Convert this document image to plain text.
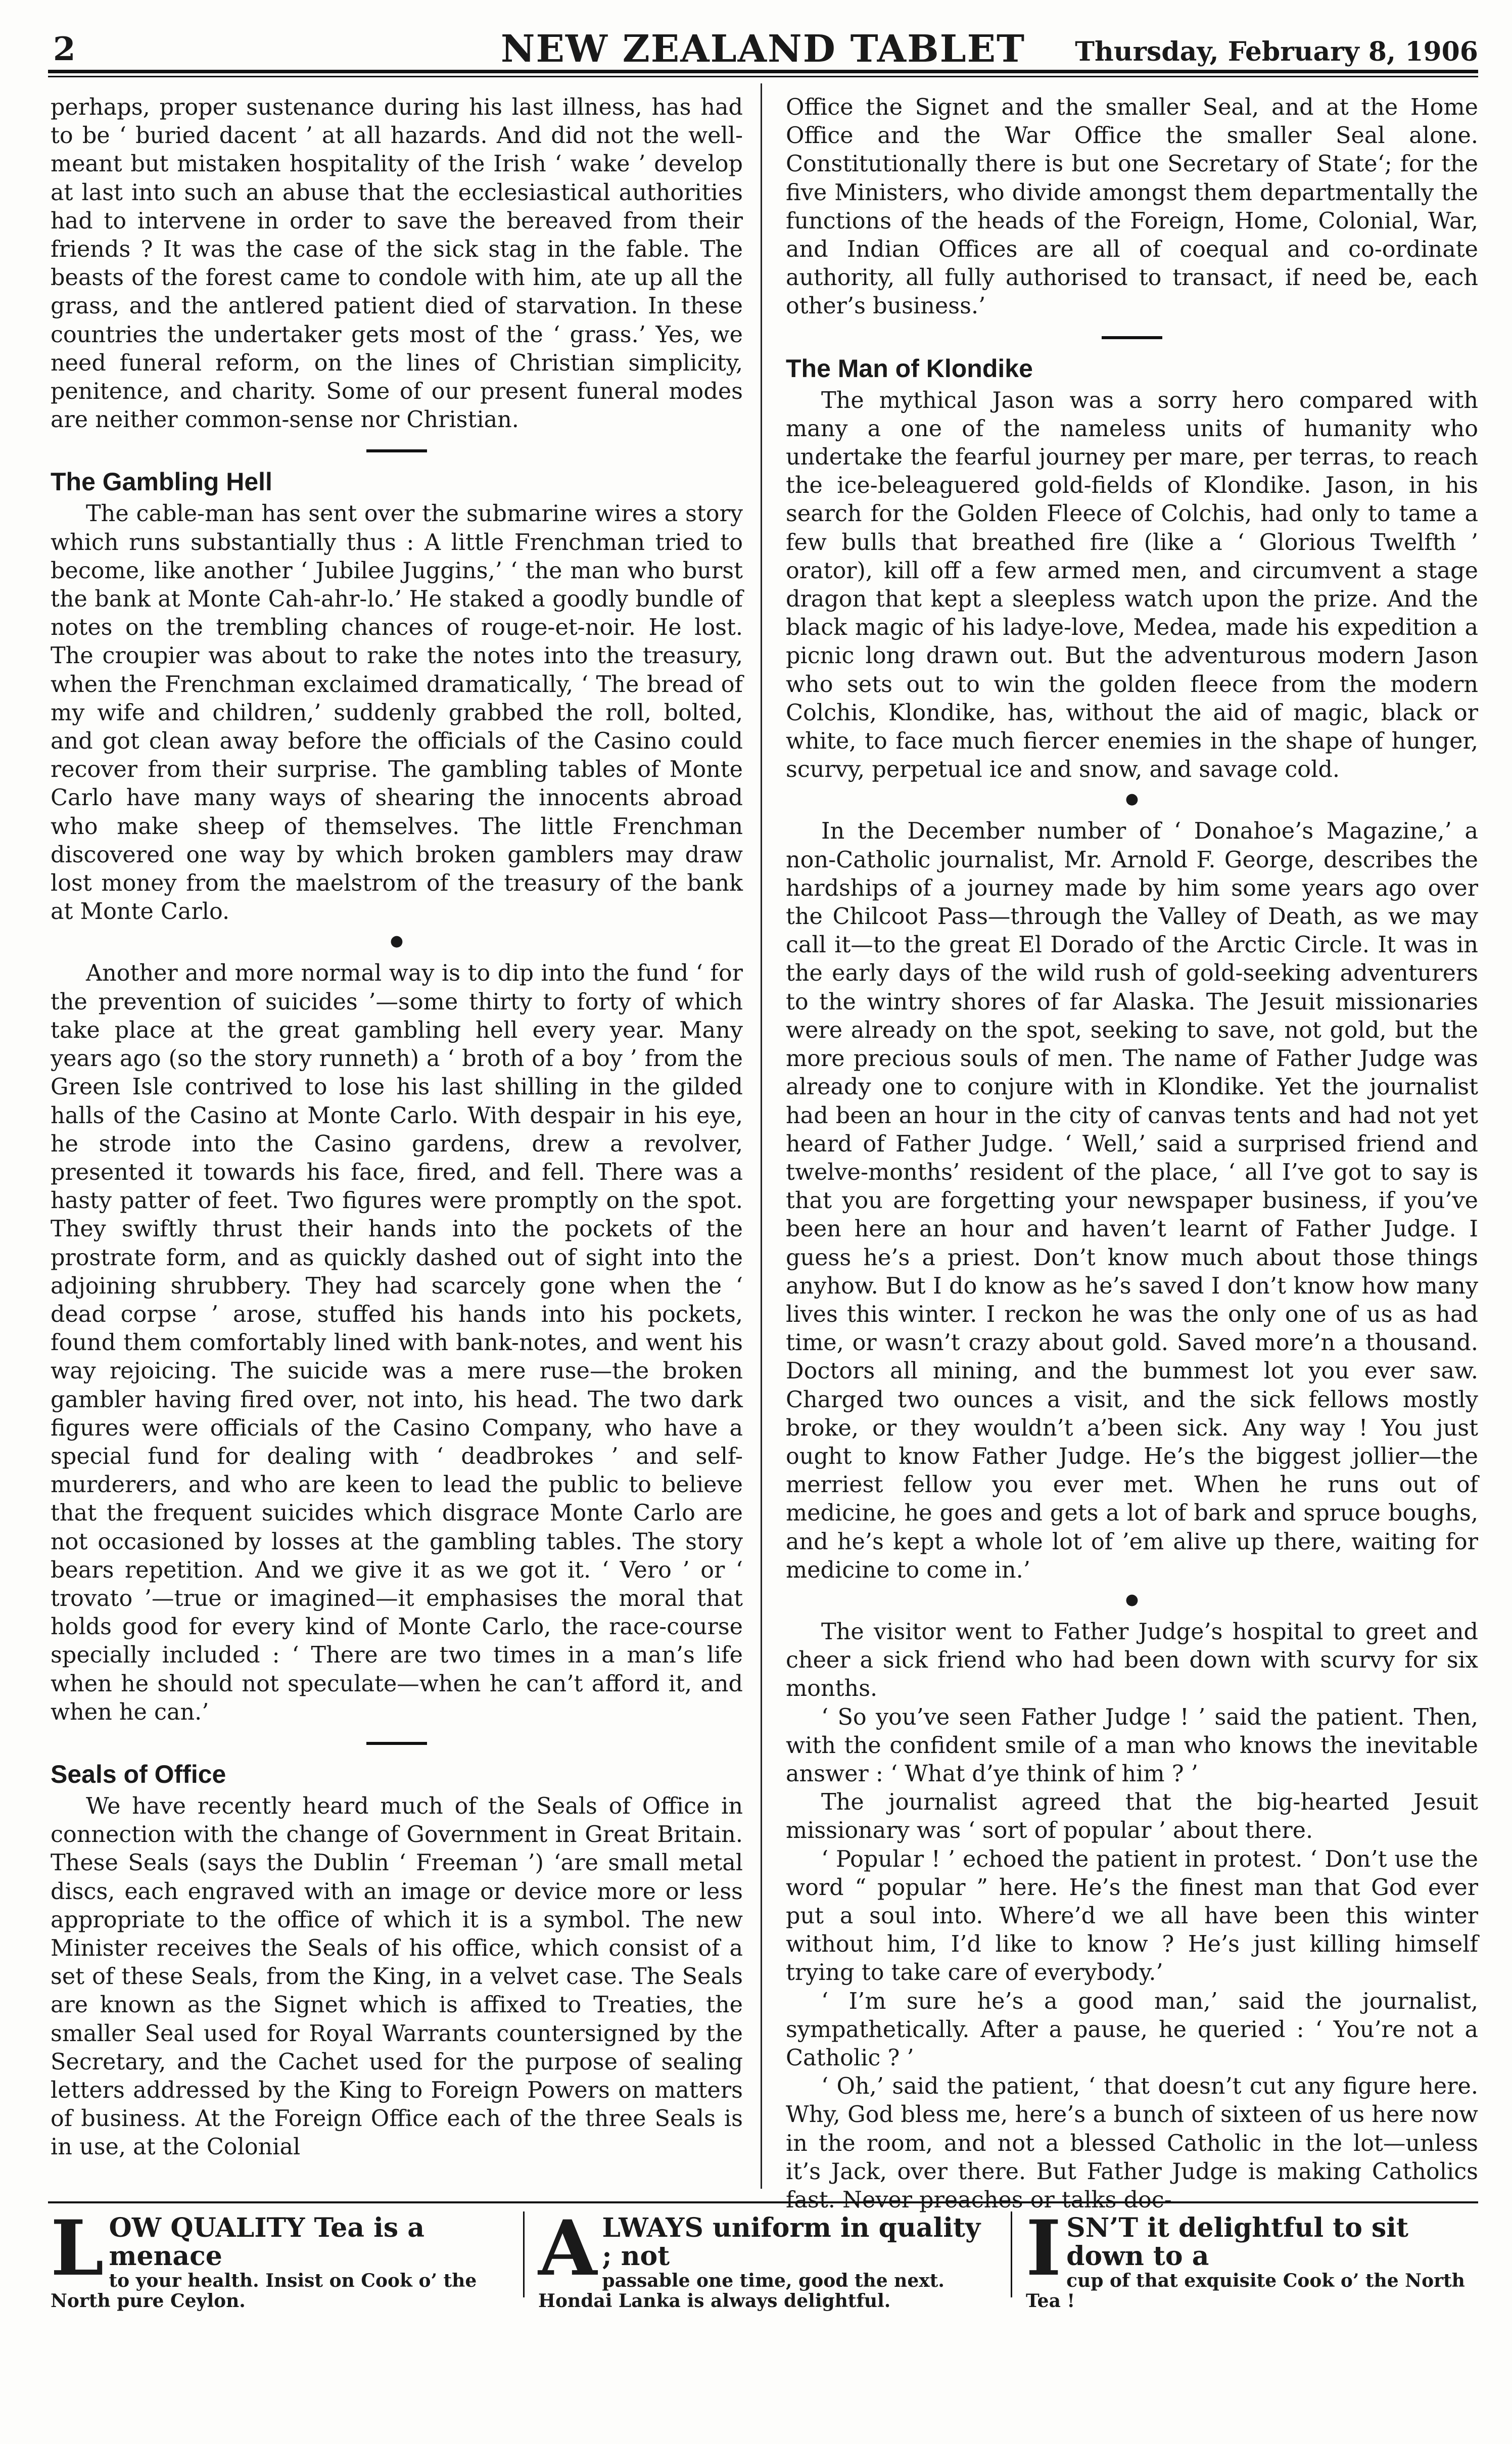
2	NEW ZEALAND TABLET	Thursday, February 8, 1906

perhaps, proper sustenance during his last illness, has had to be ‘ buried dacent ’ at all hazards. And did not the well-meant but mistaken hospitality of the Irish ‘ wake ’ develop at last into such an abuse that the ecclesiastical authorities had to intervene in order to save the bereaved from their friends ? It was the case of the sick stag in the fable. The beasts of the forest came to condole with him, ate up all the grass, and the antlered patient died of starvation. In these countries the undertaker gets most of the ‘ grass.’ Yes, we need funeral reform, on the lines of Christian simplicity, penitence, and charity. Some of our present funeral modes are neither common-sense nor Christian.

The Gambling Hell

The cable-man has sent over the submarine wires a story which runs substantially thus : A little Frenchman tried to become, like another ‘ Jubilee Juggins,’ ‘ the man who burst the bank at Monte Cah-ahr-lo.’ He staked a goodly bundle of notes on the trembling chances of rouge-et-noir. He lost. The croupier was about to rake the notes into the treasury, when the Frenchman exclaimed dramatically, ‘ The bread of my wife and children,’ suddenly grabbed the roll, bolted, and got clean away before the officials of the Casino could recover from their surprise. The gambling tables of Monte Carlo have many ways of shearing the innocents abroad who make sheep of themselves. The little Frenchman discovered one way by which broken gamblers may draw lost money from the maelstrom of the treasury of the bank at Monte Carlo.

●

Another and more normal way is to dip into the fund ‘ for the prevention of suicides ’—some thirty to forty of which take place at the great gambling hell every year. Many years ago (so the story runneth) a ‘ broth of a boy ’ from the Green Isle contrived to lose his last shilling in the gilded halls of the Casino at Monte Carlo. With despair in his eye, he strode into the Casino gardens, drew a revolver, presented it towards his face, fired, and fell. There was a hasty patter of feet. Two figures were promptly on the spot. They swiftly thrust their hands into the pockets of the prostrate form, and as quickly dashed out of sight into the adjoining shrubbery. They had scarcely gone when the ‘ dead corpse ’ arose, stuffed his hands into his pockets, found them comfortably lined with bank-notes, and went his way rejoicing. The suicide was a mere ruse—the broken gambler having fired over, not into, his head. The two dark figures were officials of the Casino Company, who have a special fund for dealing with ‘ deadbrokes ’ and self-murderers, and who are keen to lead the public to believe that the frequent suicides which disgrace Monte Carlo are not occasioned by losses at the gambling tables. The story bears repetition. And we give it as we got it. ‘ Vero ’ or ‘ trovato ’—true or imagined—it emphasises the moral that holds good for every kind of Monte Carlo, the race-course specially included : ‘ There are two times in a man’s life when he should not speculate—when he can’t afford it, and when he can.’

Seals of Office

We have recently heard much of the Seals of Office in connection with the change of Government in Great Britain. These Seals (says the Dublin ‘ Freeman ’) ‘are small metal discs, each engraved with an image or device more or less appropriate to the office of which it is a symbol. The new Minister receives the Seals of his office, which consist of a set of these Seals, from the King, in a velvet case. The Seals are known as the Signet which is affixed to Treaties, the smaller Seal used for Royal Warrants countersigned by the Secretary, and the Cachet used for the purpose of sealing letters addressed by the King to Foreign Powers on matters of business. At the Foreign Office each of the three Seals is in use, at the Colonial

Office the Signet and the smaller Seal, and at the Home Office and the War Office the smaller Seal alone. Constitutionally there is but one Secretary of State‘; for the five Ministers, who divide amongst them departmentally the functions of the heads of the Foreign, Home, Colonial, War, and Indian Offices are all of coequal and co-ordinate authority, all fully authorised to transact, if need be, each other’s business.’

The Man of Klondike

The mythical Jason was a sorry hero compared with many a one of the nameless units of humanity who undertake the fearful journey per mare, per terras, to reach the ice-beleaguered gold-fields of Klondike. Jason, in his search for the Golden Fleece of Colchis, had only to tame a few bulls that breathed fire (like a ‘ Glorious Twelfth ’ orator), kill off a few armed men, and circumvent a stage dragon that kept a sleepless watch upon the prize. And the black magic of his ladye-love, Medea, made his expedition a picnic long drawn out. But the adventurous modern Jason who sets out to win the golden fleece from the modern Colchis, Klondike, has, without the aid of magic, black or white, to face much fiercer enemies in the shape of hunger, scurvy, perpetual ice and snow, and savage cold.

●

In the December number of ‘ Donahoe’s Magazine,’ a non-Catholic journalist, Mr. Arnold F. George, describes the hardships of a journey made by him some years ago over the Chilcoot Pass—through the Valley of Death, as we may call it—to the great El Dorado of the Arctic Circle. It was in the early days of the wild rush of gold-seeking adventurers to the wintry shores of far Alaska. The Jesuit missionaries were already on the spot, seeking to save, not gold, but the more precious souls of men. The name of Father Judge was already one to conjure with in Klondike. Yet the journalist had been an hour in the city of canvas tents and had not yet heard of Father Judge. ‘ Well,’ said a surprised friend and twelve-months’ resident of the place, ‘ all I’ve got to say is that you are forgetting your newspaper business, if you’ve been here an hour and haven’t learnt of Father Judge. I guess he’s a priest. Don’t know much about those things anyhow. But I do know as he’s saved I don’t know how many lives this winter. I reckon he was the only one of us as had time, or wasn’t crazy about gold. Saved more’n a thousand. Doctors all mining, and the bummest lot you ever saw. Charged two ounces a visit, and the sick fellows mostly broke, or they wouldn’t a’been sick. Any way ! You just ought to know Father Judge. He’s the biggest jollier—the merriest fellow you ever met. When he runs out of medicine, he goes and gets a lot of bark and spruce boughs, and he’s kept a whole lot of ’em alive up there, waiting for medicine to come in.’

●

The visitor went to Father Judge’s hospital to greet and cheer a sick friend who had been down with scurvy for six months.

‘ So you’ve seen Father Judge ! ’ said the patient. Then, with the confident smile of a man who knows the inevitable answer : ‘ What d’ye think of him ? ’

The journalist agreed that the big-hearted Jesuit missionary was ‘ sort of popular ’ about there.

‘ Popular ! ’ echoed the patient in protest. ‘ Don’t use the word “ popular ” here. He’s the finest man that God ever put a soul into. Where’d we all have been this winter without him, I’d like to know ? He’s just killing himself trying to take care of everybody.’

‘ I’m sure he’s a good man,’ said the journalist, sympathetically. After a pause, he queried : ‘ You’re not a Catholic ? ’

‘ Oh,’ said the patient, ‘ that doesn’t cut any figure here. Why, God bless me, here’s a bunch of sixteen of us here now in the room, and not a blessed Catholic in the lot—unless it’s Jack, over there. But Father Judge is making Catholics fast. Never preaches or talks doc-

L OW QUALITY Tea is a menace
to your health. Insist on Cook o’ the North pure Ceylon.
A LWAYS uniform in quality ; not
passable one time, good the next. Hondai Lanka is always delightful.
I SN’T it delightful to sit down to a
cup of that exquisite Cook o’ the North Tea !
